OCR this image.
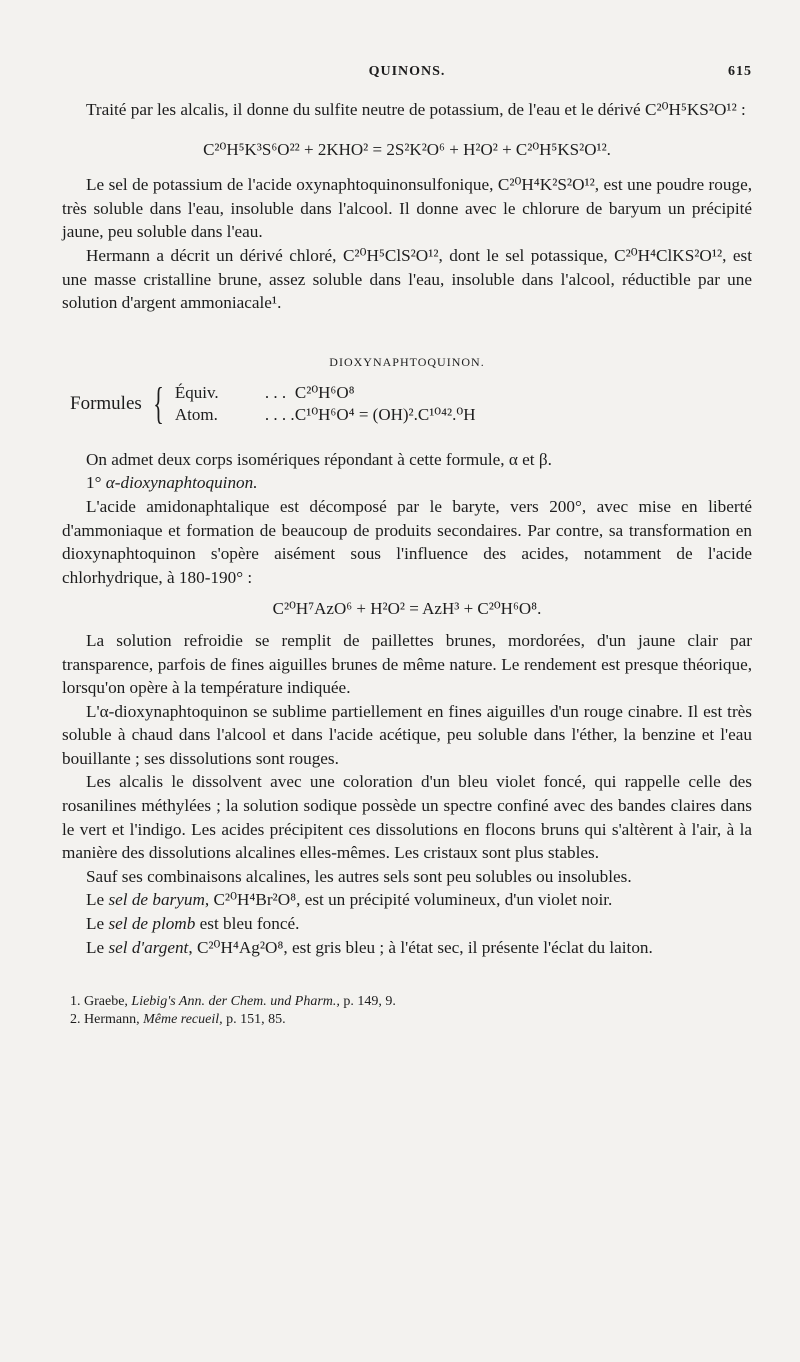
QUINONS.	615

Traité par les alcalis, il donne du sulfite neutre de potassium, de l'eau et le dérivé C²⁰H⁵KS²O¹² :

C²⁰H⁵K³S⁶O²² + 2KHO² = 2S²K²O⁶ + H²O² + C²⁰H⁵KS²O¹².

Le sel de potassium de l'acide oxynaphtoquinonsulfonique, C²⁰H⁴K²S²O¹², est une poudre rouge, très soluble dans l'eau, insoluble dans l'alcool. Il donne avec le chlorure de baryum un précipité jaune, peu soluble dans l'eau.

Hermann a décrit un dérivé chloré, C²⁰H⁵ClS²O¹², dont le sel potassique, C²⁰H⁴ClKS²O¹², est une masse cristalline brune, assez soluble dans l'eau, insoluble dans l'alcool, réductible par une solution d'argent ammoniacale¹.

DIOXYNAPHTOQUINON.
Formules { Équiv.	. . . C²⁰H⁶O⁸
Atom.	. . . . C¹⁰H⁶O⁴ = (OH)².C¹⁰⁴².⁰H

On admet deux corps isomériques répondant à cette formule, α et β.

1° α-dioxynaphtoquinon.

L'acide amidonaphtalique est décomposé par le baryte, vers 200°, avec mise en liberté d'ammoniaque et formation de beaucoup de produits secondaires. Par contre, sa transformation en dioxynaphtoquinon s'opère aisément sous l'influence des acides, notamment de l'acide chlorhydrique, à 180-190° :

C²⁰H⁷AzO⁶ + H²O² = AzH³ + C²⁰H⁶O⁸.

La solution refroidie se remplit de paillettes brunes, mordorées, d'un jaune clair par transparence, parfois de fines aiguilles brunes de même nature. Le rendement est presque théorique, lorsqu'on opère à la température indiquée.

L'α-dioxynaphtoquinon se sublime partiellement en fines aiguilles d'un rouge cinabre. Il est très soluble à chaud dans l'alcool et dans l'acide acétique, peu soluble dans l'éther, la benzine et l'eau bouillante ; ses dissolutions sont rouges.

Les alcalis le dissolvent avec une coloration d'un bleu violet foncé, qui rappelle celle des rosanilines méthylées ; la solution sodique possède un spectre confiné avec des bandes claires dans le vert et l'indigo. Les acides précipitent ces dissolutions en flocons bruns qui s'altèrent à l'air, à la manière des dissolutions alcalines elles-mêmes. Les cristaux sont plus stables.

Sauf ses combinaisons alcalines, les autres sels sont peu solubles ou insolubles.

Le sel de baryum, C²⁰H⁴Br²O⁸, est un précipité volumineux, d'un violet noir.

Le sel de plomb est bleu foncé.

Le sel d'argent, C²⁰H⁴Ag²O⁸, est gris bleu ; à l'état sec, il présente l'éclat du laiton.

1. Graebe, Liebig's Ann. der Chem. und Pharm., p. 149, 9.
2. Hermann, Même recueil, p. 151, 85.
